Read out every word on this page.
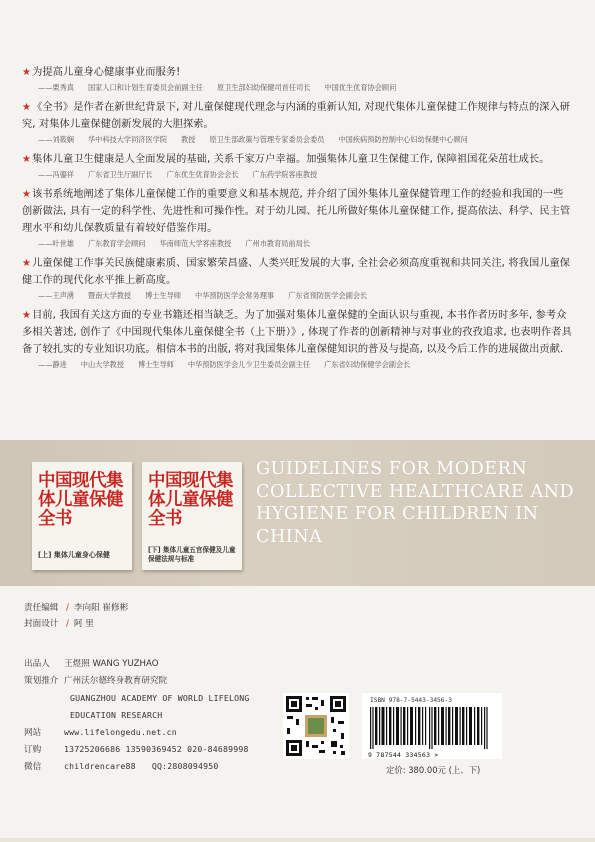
★为提高儿童身心健康事业而服务!
——栗秀真 国家人口和计划生育委员会前副主任 原卫生部妇幼保健司首任司长 中国优生优育协会顾问
★《全书》是作者在新世纪背景下, 对儿童保健现代理念与内涵的重新认知, 对现代集体儿童保健工作规律与特点的深入研究, 对集体儿童保健创新发展的大胆探索。
——刘筱娴 华中科技大学同济医学院 教授 原卫生部政策与管理专家委员会委员 中国疾病预防控制中心妇幼保健中心顾问
★集体儿童卫生健康是人全面发展的基础, 关系千家万户幸福。加强集体儿童卫生保健工作, 保障祖国花朵茁壮成长。
——冯鎏祥 广东省卫生厅副厅长 广东优生优育协会会长 广东药学院客座教授
★该书系统地阐述了集体儿童保健工作的重要意义和基本规范, 并介绍了国外集体儿童保健管理工作的经验和我国的一些创新做法, 具有一定的科学性、先进性和可操作性。对于幼儿园、托儿所做好集体儿童保健工作, 提高依法、科学、民主管理水平和幼儿保教质量有着较好借鉴作用。
——叶世雄 广东教育学会顾问 华南师范大学客座教授 广州市教育局前局长
★儿童保健工作事关民族健康素质、国家繁荣昌盛、人类兴旺发展的大事, 全社会必须高度重视和共同关注, 将我国儿童保健工作的现代化水平推上新高度。
——王声湧 暨南大学教授 博士生导师 中华预防医学会常务理事 广东省预防医学会副会长
★目前, 我国有关这方面的专业书籍还相当缺乏。为了加强对集体儿童保健的全面认识与重视, 本书作者历时多年, 参考众多相关著述, 创作了《中国现代集体儿童保健全书（上下册）》, 体现了作者的创新精神与对事业的孜孜追求, 也表明作者具备了较扎实的专业知识功底。相信本书的出版, 将对我国集体儿童保健知识的普及与提高, 以及今后工作的进展做出贡献.
——静进 中山大学教授 博士生导师 中华预防医学会儿少卫生委员会副主任 广东省妇幼保健学会副会长
中国现代集体儿童保健全书
[上] 集体儿童身心保健
中国现代集体儿童保健全书
[下] 集体儿童五官保健及儿童保健法规与标准
GUIDELINES FOR MODERN COLLECTIVE HEALTHCARE AND HYGIENE FOR CHILDREN IN CHINA
责任编辑 / 李向阳 崔修彬
封面设计 / 阿 里
出品人 王煜照 WANG YUZHAO
策划推介 广州沃尔德终身教育研究院
GUANGZHOU ACADEMY OF WORLD LIFELONG
EDUCATION RESEARCH
网站	www.lifelongedu.net.cn
订购	13725206686 13590369452 020-84689998
微信	childrencare88 QQ:2808094950
ISBN 978-7-5443-3456-3
9 787544 334563 >
定价: 380.00元 (上、下)
